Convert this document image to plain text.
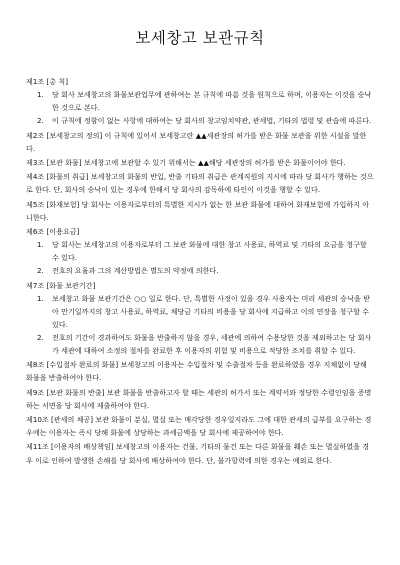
보세창고 보관규칙
제1조 [총 칙]
1.	당 회사 보세창고의 화물보관업무에 관하여는 본 규칙에 따름 것을 원칙으로 하며, 이용자는 이것을 승낙한 것으로 본다.
2.	이 규칙에 정함이 없는 사항에 대하여는 당 회사의 창고임치약관, 관세법, 기타의 법령 및 관습에 따른다.
제2조 [보세창고의 정의] 이 규칙에 있어서 보세창고란 ▲▲세관장의 허가를 받은 화물 보관을 위한 시설을 말한다.
제3조 [보관 화물] 보세창고에 보관할 수 있기 위해서는 ▲▲해당 세관장의 허가를 받은 화물이어야 한다.
제4조 [화물의 취급] 보세창고의 화물의 반입, 반출 기타의 취급은 관계직원의 지시에 따라 당 회사가 행하는 것으로 한다. 단, 회사의 승낙이 있는 경우에 한해서 당 회사의 감독하에 타인이 이것을 행할 수 있다.
제5조 [화재보험] 당 회사는 이용자로부터의 특별한 지시가 없는 한 보관 화물에 대하여 화재보험에 가입하지 아니한다.
제6조 [이용요금]
1.	당 회사는 보세창고의 이용자로부터 그 보관 화물에 대한 창고 사용료, 하역료 및 기타의 요금을 청구할 수 있다.
2.	전호의 요율과 그의 계산방법은 별도의 약정에 의한다.
제7조 [화물 보관기간]
1.	보세창고 화물 보관기간은 ○○ 일로 한다. 단, 특별한 사정이 있을 경우 사용자는 미리 세관의 승낙을 받아 만기일까지의 창고 사용료, 하역료, 체당금 기타의 비용을 당 회사에 지급하고 이의 연장을 청구할 수 있다.
2.	전호의 기간이 경과하여도 화물을 반출하지 않을 경우, 세관에 의하여 수용당한 것을 제외하고는 당 회사가 세관에 대하여 소정의 절차를 완료한 후 이용자의 위험 및 비용으로 적당한 조치를 취할 수 있다.
제8조 [수입절차 완료의 화물] 보세창고의 이용자는 수입절차 및 수출절차 등을 완료하였을 경우 지체없이 당해 화물을 반출하여야 한다.
제9조 [보관 화물의 반출] 보관 화물을 반출하고자 할 때는 세관의 허가서 또는 계약서와 정당한 수령인임을 증명하는 서면을 당 회사에 제출하여야 한다.
제10조 [관세의 체공] 보관 화물이 분실, 멸실 또는 매각당한 경우일지라도 그에 대한 관세의 급부를 요구하는 경우에는 이용자는 즉시 당해 화물에 상당하는 과세금액을 당 회사에 제공하여야 한다.
제11조 [이용자의 배상책임] 보세창고의 이용자는 건물, 기타의 물건 또는 다른 화물을 훼손 또는 멸실하였을 경우 이로 인하여 발생한 손해를 당 회사에 배상하여야 한다. 단, 불가항력에 의한 경우는 예외로 한다.
